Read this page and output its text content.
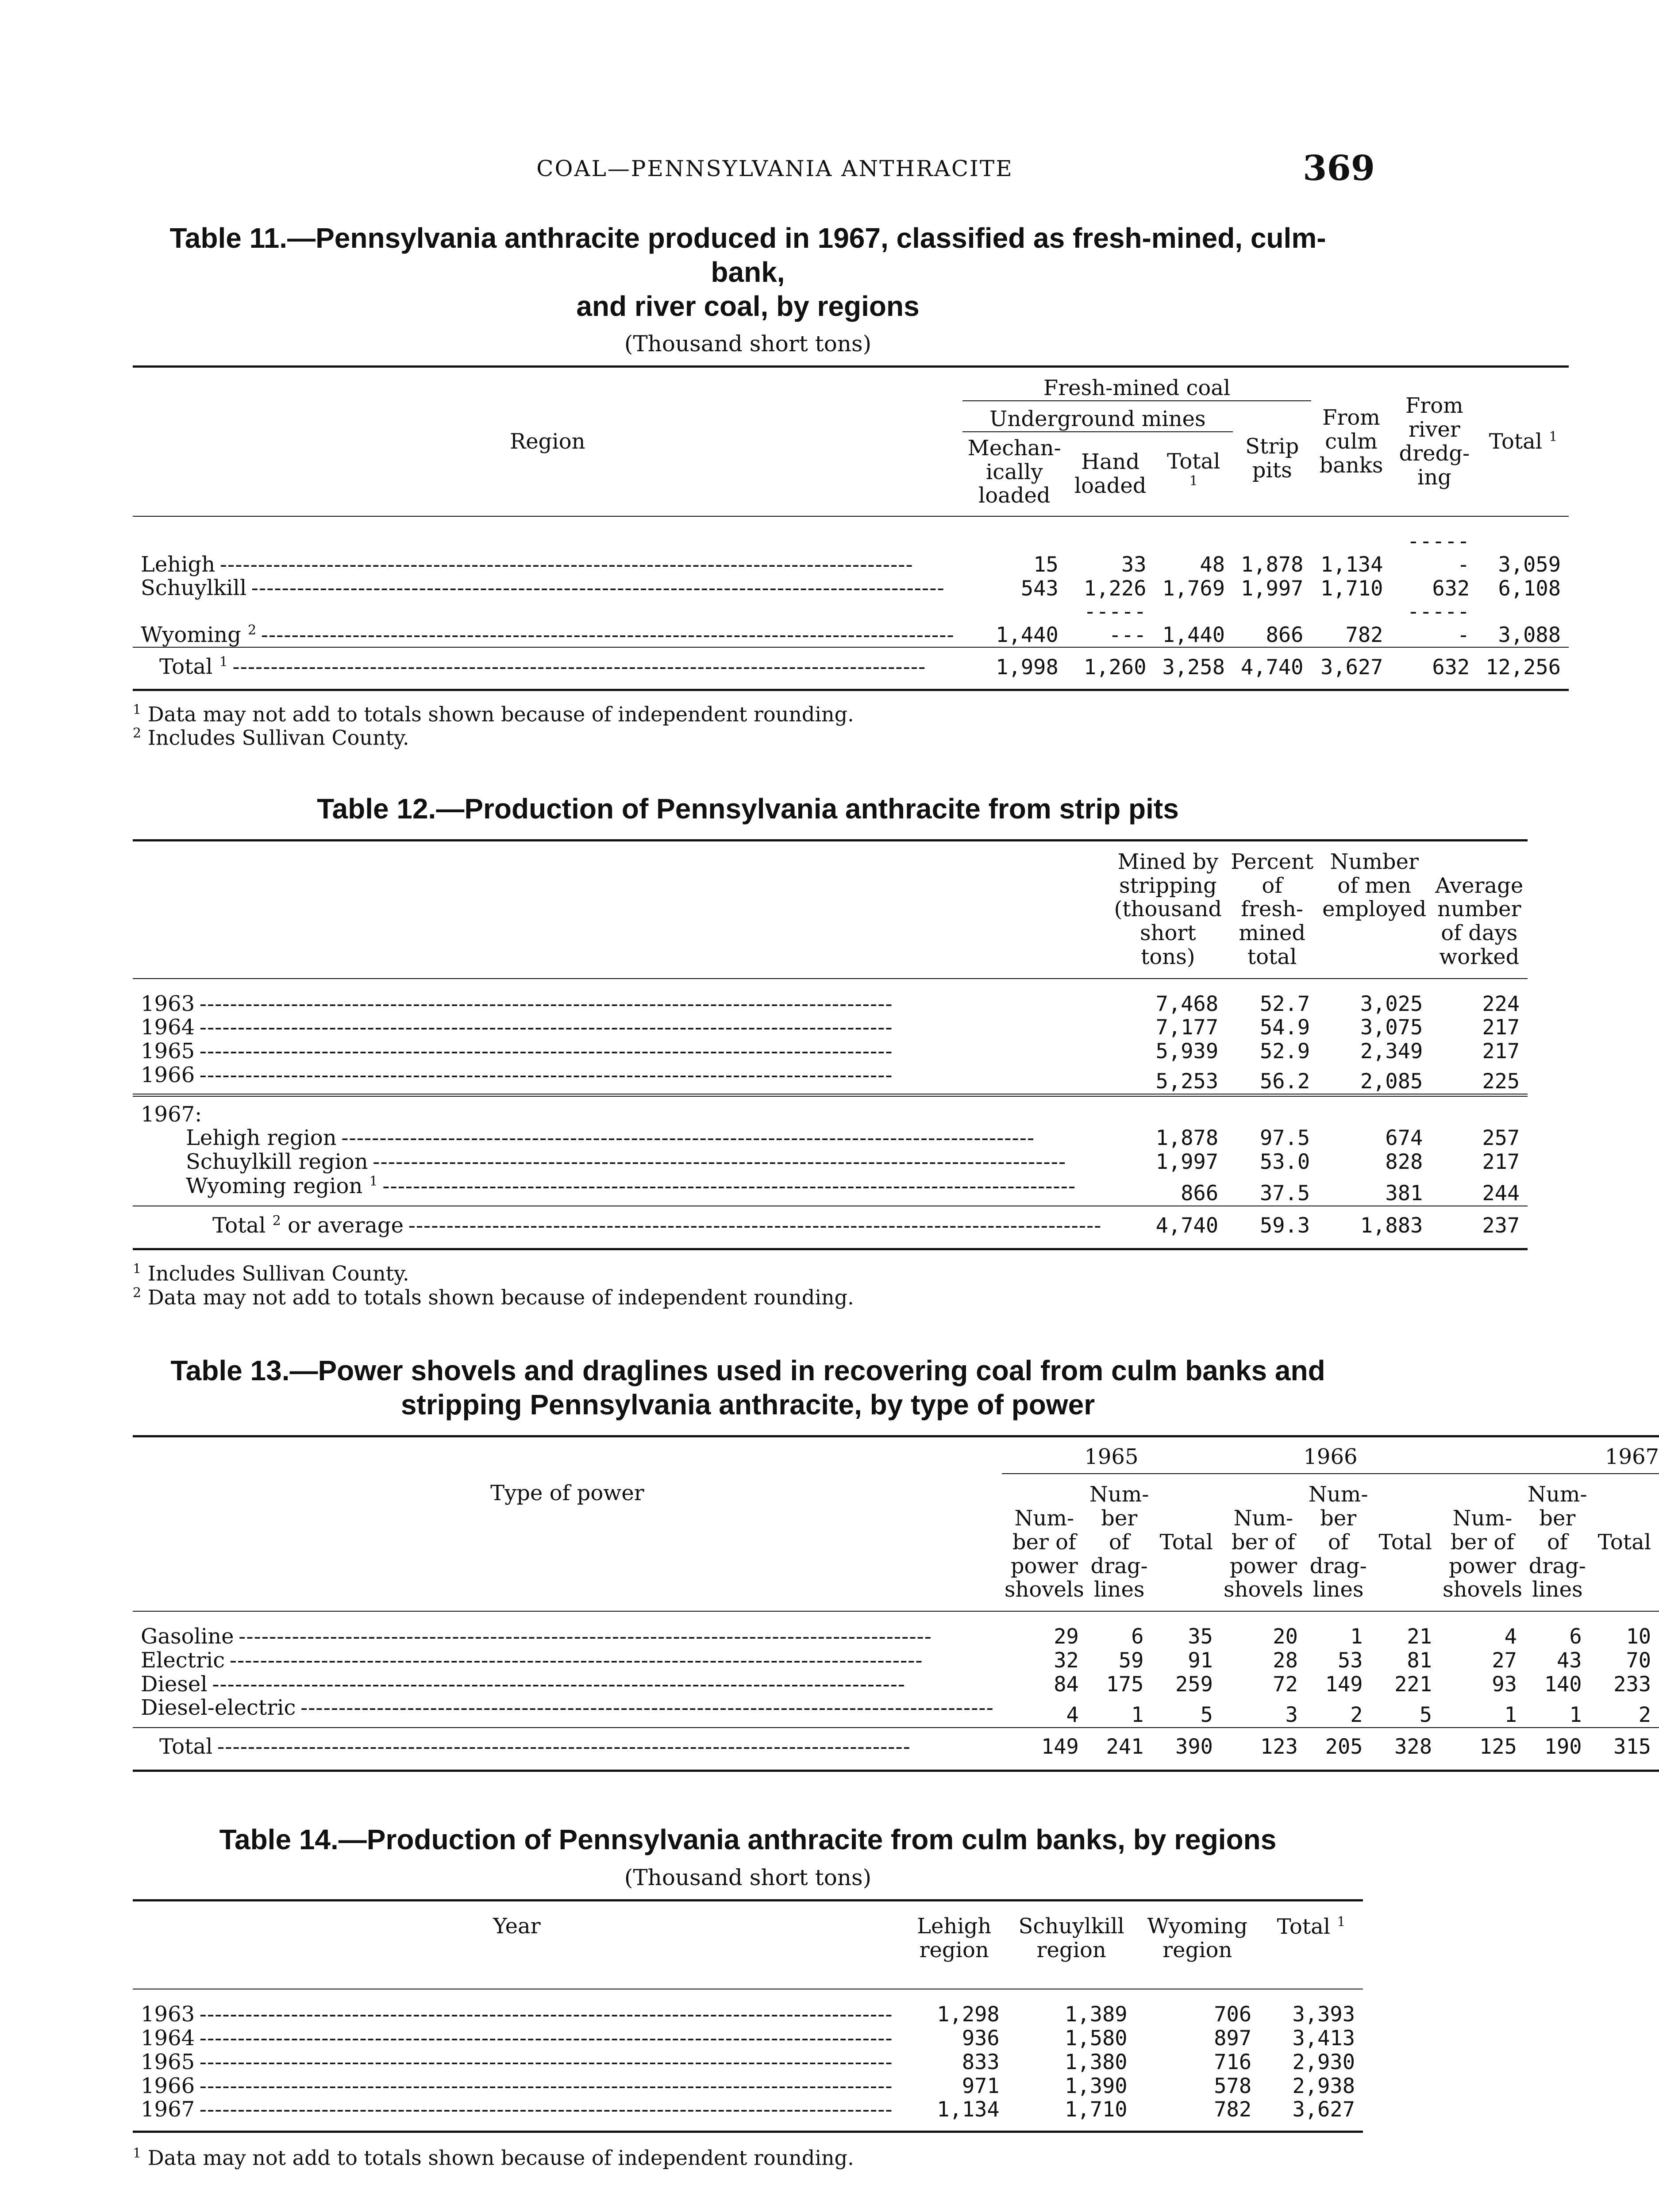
COAL—PENNSYLVANIA ANTHRACITE	369

Table 11.—Pennsylvania anthracite produced in 1967, classified as fresh-mined, culm-bank,
and river coal, by regions

(Thousand short tons)
Region	Fresh-mined coal				From culm banks	From river dredg- ing	Total $^1$
	Underground mines			Strip pits			
	Mechan- ically loaded	Hand loaded	Total $^1$

Lehigh -----	15	33	48	1,878	1,134	------	3,059
Schuylkill -----	543	1,226	1,769	1,997	1,710	632	6,108
Wyoming $^2$ -----	1,440	--------	1,440	866	782	------	3,088
Total $^1$ -----	1,998	1,260	3,258	4,740	3,627	632	12,256

$^1$ Data may not add to totals shown because of independent rounding.
$^2$ Includes Sullivan County.

Table 12.—Production of Pennsylvania anthracite from strip pits

	Mined by stripping (thousand short tons)	Percent of fresh-mined total	Number of men employed	Average number of days worked

1963 -----	7,468	52.7	3,025	224
1964 -----	7,177	54.9	3,075	217
1965 -----	5,939	52.9	2,349	217
1966 -----	5,253	56.2	2,085	225
1967:				
Lehigh region -----	1,878	97.5	674	257
Schuylkill region -----	1,997	53.0	828	217
Wyoming region $^1$ -----	866	37.5	381	244
Total $^2$ or average -----	4,740	59.3	1,883	237

$^1$ Includes Sullivan County.
$^2$ Data may not add to totals shown because of independent rounding.

Table 13.—Power shovels and draglines used in recovering coal from culm banks and
stripping Pennsylvania anthracite, by type of power

Type of power	1965			1966			1967		
	Num- ber of power shovels	Num- ber of drag- lines	Total	Num- ber of power shovels	Num- ber of drag- lines	Total	Num- ber of power shovels	Num- ber of drag- lines	Total

Gasoline -----	29	6	35	20	1	21	4	6	10
Electric -----	32	59	91	28	53	81	27	43	70
Diesel -----	84	175	259	72	149	221	93	140	233
Diesel-electric -----	4	1	5	3	2	5	1	1	2
Total -----	149	241	390	123	205	328	125	190	315

Table 14.—Production of Pennsylvania anthracite from culm banks, by regions

(Thousand short tons)
Year	Lehigh region	Schuylkill region	Wyoming region	Total $^1$

1963 -----	1,298	1,389	706	3,393
1964 -----	936	1,580	897	3,413
1965 -----	833	1,380	716	2,930
1966 -----	971	1,390	578	2,938
1967 -----	1,134	1,710	782	3,627

$^1$ Data may not add to totals shown because of independent rounding.
